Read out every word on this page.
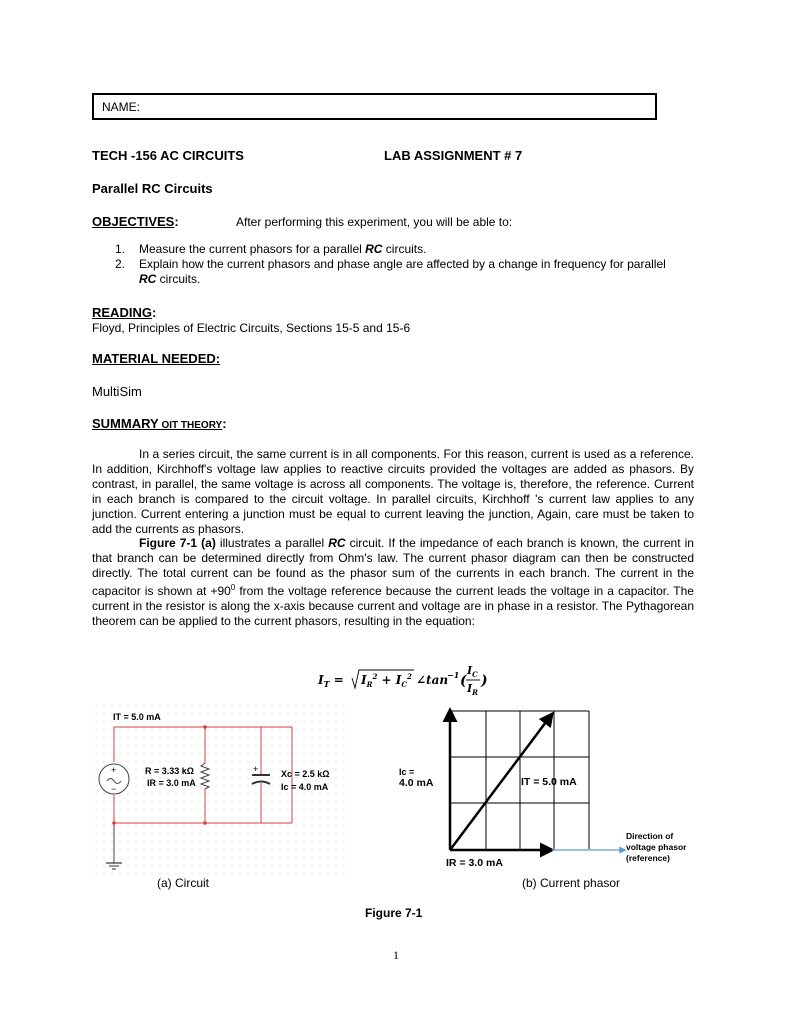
NAME:
TECH -156 AC CIRCUITS	LAB ASSIGNMENT # 7
Parallel RC Circuits
OBJECTIVES:	After performing this experiment, you will be able to:
1. Measure the current phasors for a parallel RC circuits.
2. Explain how the current phasors and phase angle are affected by a change in frequency for parallel RC circuits.
READING:
Floyd, Principles of Electric Circuits, Sections 15-5 and 15-6
MATERIAL NEEDED:
MultiSim
SUMMARY OIT THEORY:

In a series circuit, the same current is in all components. For this reason, current is used as a reference. In addition, Kirchhoff's voltage law applies to reactive circuits provided the voltages are added as phasors. By contrast, in parallel, the same voltage is across all components. The voltage is, therefore, the reference. Current in each branch is compared to the circuit voltage. In parallel circuits, Kirchhoff 's current law applies to any junction. Current entering a junction must be equal to current leaving the junction, Again, care must be taken to add the currents as phasors.

Figure 7-1 (a) illustrates a parallel RC circuit. If the impedance of each branch is known, the current in that branch can be determined directly from Ohm's law. The current phasor diagram can then be constructed directly. The total current can be found as the phasor sum of the currents in each branch. The current in the capacitor is shown at $+90^0$ from the voltage reference because the current leads the voltage in a capacitor. The current in the resistor is along the x-axis because current and voltage are in phase in a resistor. The Pythagorean theorem can be applied to the current phasors, resulting in the equation:

$I_T = I_R^2 + I_C^2$ ∠tan
−1 (
$I_C$
$I_R$
)
+
−
+
IT = 5.0 mA
R = 3.33 kΩ
IR = 3.0 mA
Xc = 2.5 kΩ
Ic = 4.0 mA
(a) Circuit
Ic =
4.0 mA	IT = 5.0 mA
IR = 3.0 mA
Direction of
voltage phasor
(reference)
(b) Current phasor
Figure 7-1
1
